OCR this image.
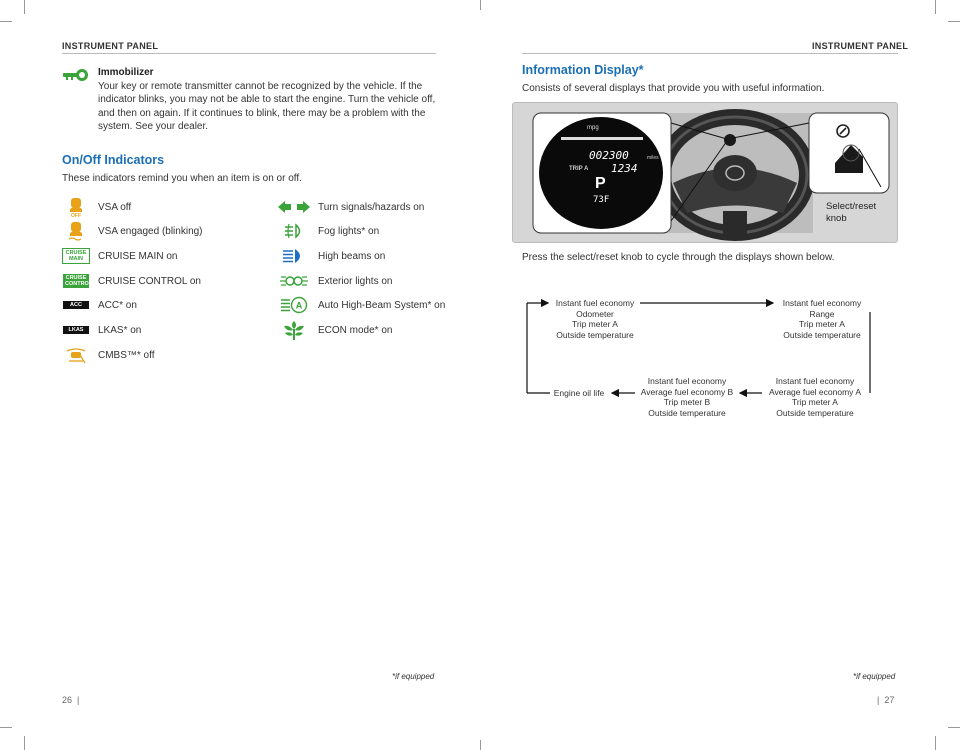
INSTRUMENT PANEL
Immobilizer
Your key or remote transmitter cannot be recognized by the vehicle. If the indicator blinks, you may not be able to start the engine. Turn the vehicle off, and then on again. If it continues to blink, there may be a problem with the system. See your dealer.
On/Off Indicators
These indicators remind you when an item is on or off.
OFF
VSA off
VSA engaged (blinking)
CRUISE MAIN	CRUISE MAIN on
CRUISE CONTROL CRUISE CONTROL on
ACC	ACC* on
LKAS	LKAS* on
CMBS™* off
Turn signals/hazards on
Fog lights* on
High beams on
Exterior lights on
A Auto High-Beam System* on
ECON mode* on
*if equipped
26  |
INSTRUMENT PANEL
Information Display*
Consists of several displays that provide you with useful information.
mpg
002300	miles
TRIP A 1234
P
73F
Select/reset knob
Press the select/reset knob to cycle through the displays shown below.
Instant fuel economy
Odometer
Trip meter A
Outside temperature
Instant fuel economy
Range
Trip meter A
Outside temperature
Instant fuel economy
Average fuel economy A
Trip meter A
Outside temperature
Instant fuel economy
Average fuel economy B
Trip meter B
Outside temperature
Engine oil life
*if equipped
|  27
